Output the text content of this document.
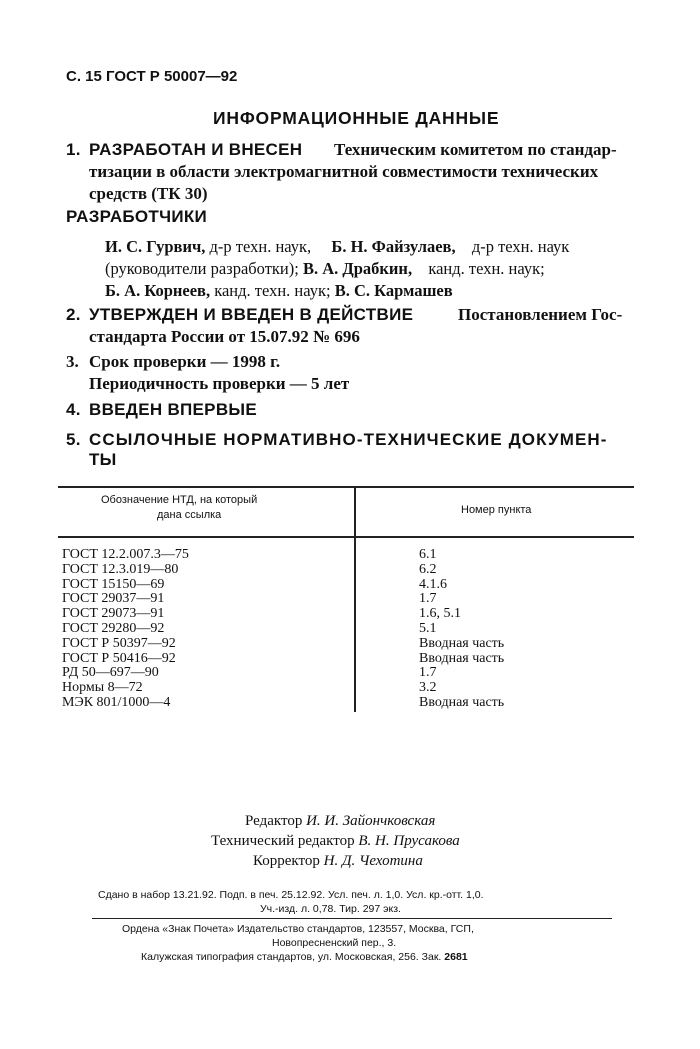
С. 15 ГОСТ Р 50007—92
ИНФОРМАЦИОННЫЕ ДАННЫЕ
1. РАЗРАБОТАН И ВНЕСЕН Техническим комитетом по стандар-
тизации в области электромагнитной совместимости технических
средств (ТК 30)
РАЗРАБОТЧИКИ
И. С. Гурвич, д-р техн. наук, Б. Н. Файзулаев, д-р техн. наук
(руководители разработки); В. А. Драбкин, канд. техн. наук;
Б. А. Корнеев, канд. техн. наук; В. С. Кармашев
2. УТВЕРЖДЕН И ВВЕДЕН В ДЕЙСТВИЕ	Постановлением Гос-
стандарта России от 15.07.92 № 696
3. Срок проверки — 1998 г.
Периодичность проверки — 5 лет
4. ВВЕДЕН ВПЕРВЫЕ
5. ССЫЛОЧНЫЕ НОРМАТИВНО-ТЕХНИЧЕСКИЕ ДОКУМЕН-
ТЫ
Обозначение НТД, на который
дана ссылка	Номер пункта
ГОСТ 12.2.007.3—75	6.1
ГОСТ 12.3.019—80	6.2
ГОСТ 15150—69	4.1.6
ГОСТ 29037—91	1.7
ГОСТ 29073—91	1.6, 5.1
ГОСТ 29280—92	5.1
ГОСТ Р 50397—92	Вводная часть
ГОСТ Р 50416—92	Вводная часть
РД 50—697—90	1.7
Нормы 8—72	3.2
МЭК 801/1000—4	Вводная часть
Редактор И. И. Зайончковская
Технический редактор В. Н. Прусакова
Корректор Н. Д. Чехотина
Сдано в набор 13.21.92. Подп. в печ. 25.12.92. Усл. печ. л. 1,0. Усл. кр.-отт. 1,0.
Уч.-изд. л. 0,78. Тир. 297 экз.
Ордена «Знак Почета» Издательство стандартов, 123557, Москва, ГСП,
Новопресненский пер., 3.
Калужская типография стандартов, ул. Московская, 256. Зак. 2681
